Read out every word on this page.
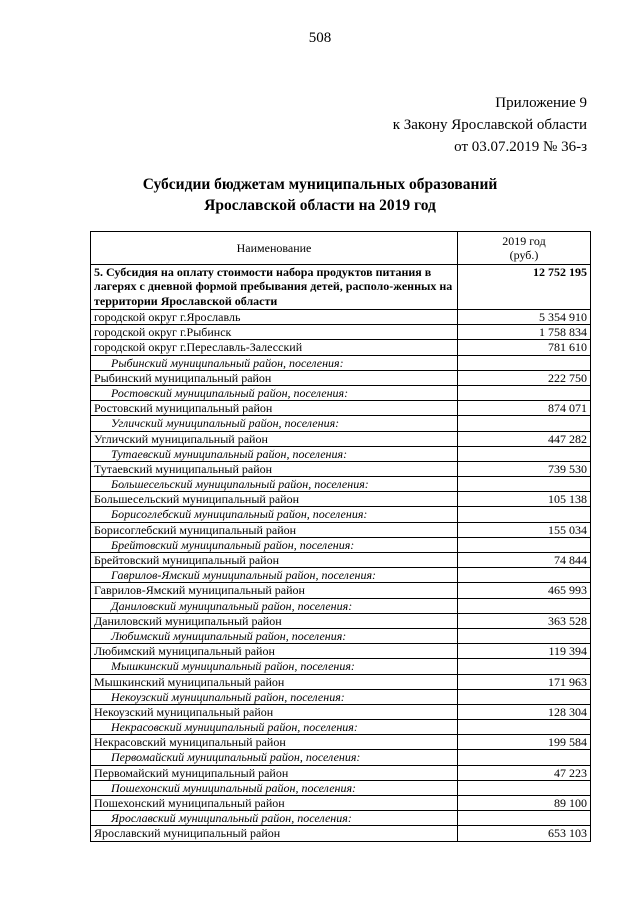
508
Приложение 9
к Закону Ярославской области
от 03.07.2019 № 36-з
Субсидии бюджетам муниципальных образований
Ярославской области на 2019 год
Наименование	2019 год
(руб.)

5. Субсидия на оплату стоимости набора продуктов питания в лагерях с дневной формой пребывания детей, располо-женных на территории Ярославской области	12 752 195
городской округ г.Ярославль	5 354 910
городской округ г.Рыбинск	1 758 834
городской округ г.Переславль-Залесский	781 610
Рыбинский муниципальный район, поселения:	
Рыбинский муниципальный район	222 750
Ростовский муниципальный район, поселения:	
Ростовский муниципальный район	874 071
Угличский муниципальный район, поселения:	
Угличский муниципальный район	447 282
Тутаевский муниципальный район, поселения:	
Тутаевский муниципальный район	739 530
Большесельский муниципальный район, поселения:	
Большесельский муниципальный район	105 138
Борисоглебский муниципальный район, поселения:	
Борисоглебский муниципальный район	155 034
Брейтовский муниципальный район, поселения:	
Брейтовский муниципальный район	74 844
Гаврилов-Ямский муниципальный район, поселения:	
Гаврилов-Ямский муниципальный район	465 993
Даниловский муниципальный район, поселения:	
Даниловский муниципальный район	363 528
Любимский муниципальный район, поселения:	
Любимский муниципальный район	119 394
Мышкинский муниципальный район, поселения:	
Мышкинский муниципальный район	171 963
Некоузский муниципальный район, поселения:	
Некоузский муниципальный район	128 304
Некрасовский муниципальный район, поселения:	
Некрасовский муниципальный район	199 584
Первомайский муниципальный район, поселения:	
Первомайский муниципальный район	47 223
Пошехонский муниципальный район, поселения:	
Пошехонский муниципальный район	89 100
Ярославский муниципальный район, поселения:	
Ярославский муниципальный район	653 103
